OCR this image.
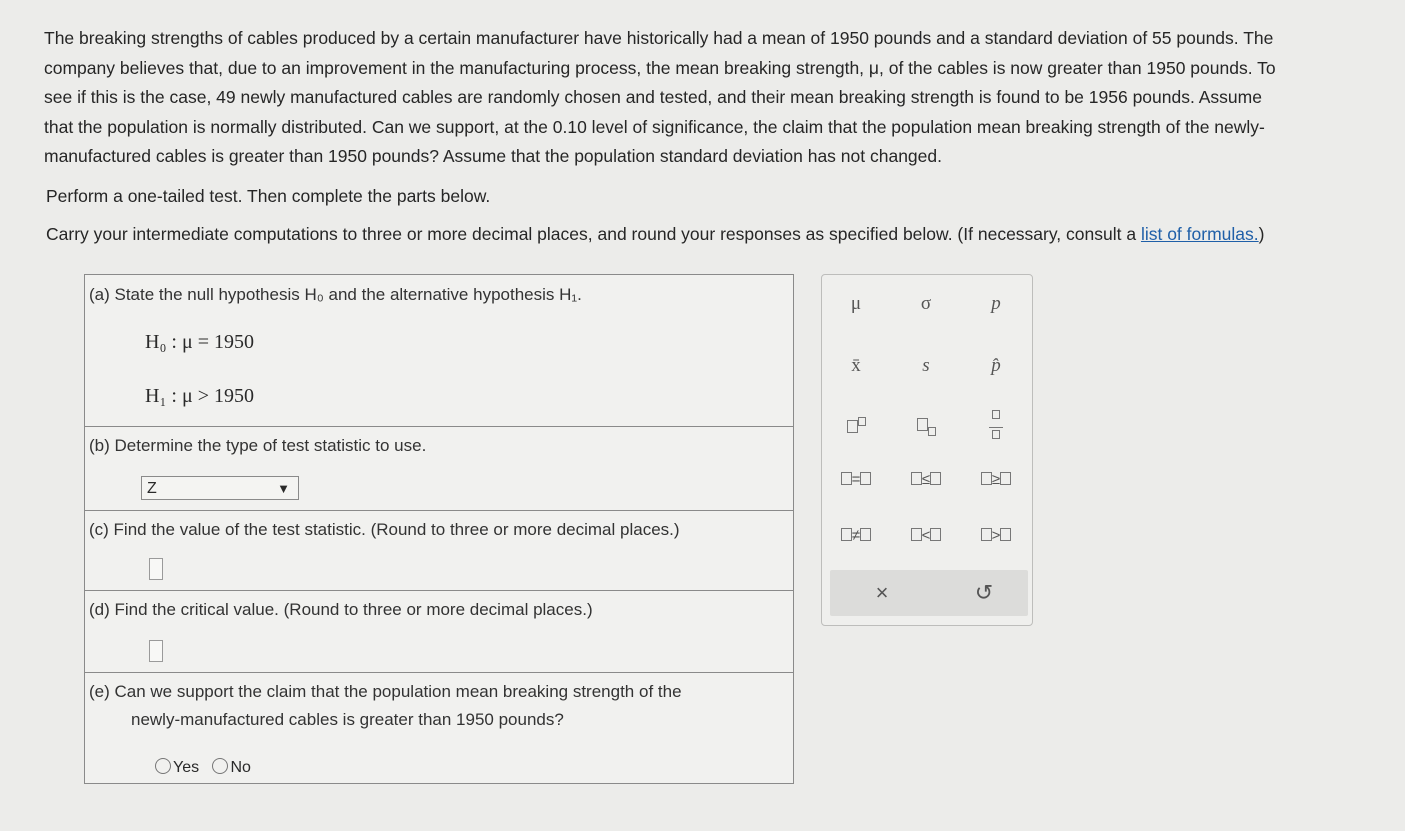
The breaking strengths of cables produced by a certain manufacturer have historically had a mean of 1950 pounds and a standard deviation of 55 pounds. The
company believes that, due to an improvement in the manufacturing process, the mean breaking strength, μ, of the cables is now greater than 1950 pounds. To
see if this is the case, 49 newly manufactured cables are randomly chosen and tested, and their mean breaking strength is found to be 1956 pounds. Assume
that the population is normally distributed. Can we support, at the 0.10 level of significance, the claim that the population mean breaking strength of the newly-
manufactured cables is greater than 1950 pounds? Assume that the population standard deviation has not changed.
Perform a one-tailed test. Then complete the parts below.
Carry your intermediate computations to three or more decimal places, and round your responses as specified below. (If necessary, consult a list of formulas.)
(a) State the null hypothesis H₀ and the alternative hypothesis H₁.
H₀ : μ = 1950
H₁ : μ > 1950
(b) Determine the type of test statistic to use.
Z	▼
(c) Find the value of the test statistic. (Round to three or more decimal places.)
(d) Find the critical value. (Round to three or more decimal places.)
(e) Can we support the claim that the population mean breaking strength of the
newly-manufactured cables is greater than 1950 pounds?
Yes No
μ	σ	p
x̄	s	p̂

=	≤	≥
≠	<	>
×	↺
